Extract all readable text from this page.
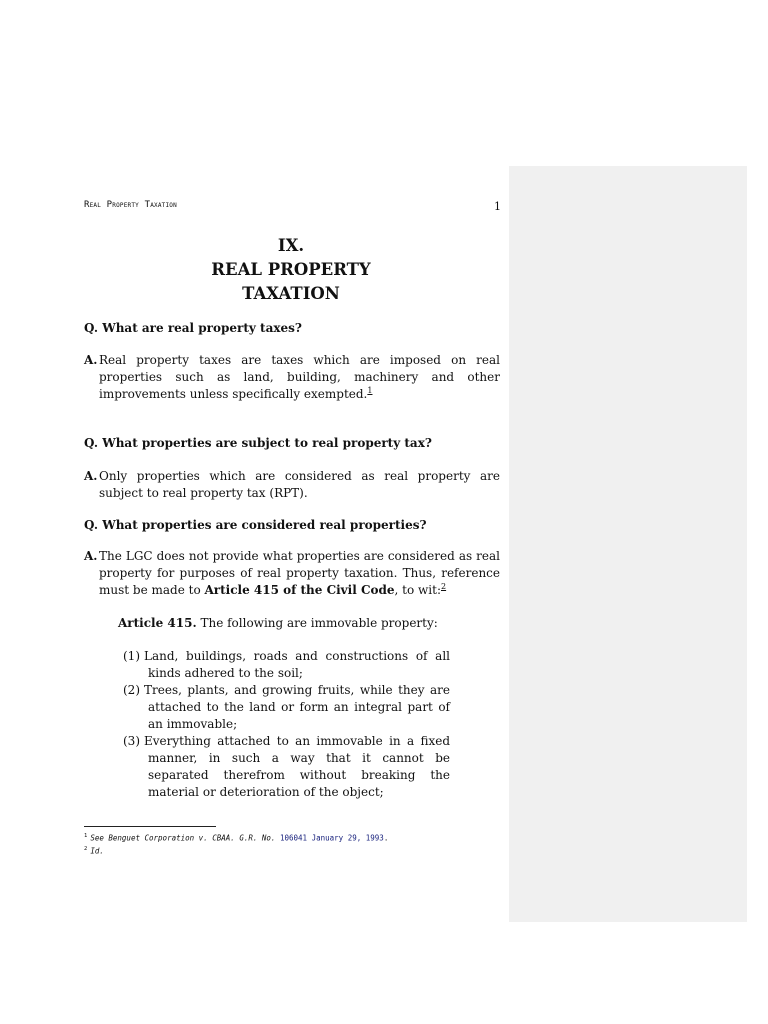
Real Property Taxation	1
IX.
REAL PROPERTY
TAXATION
Q. What are real property taxes?
A. Real property taxes are taxes which are imposed on real properties such as land, building, machinery and other improvements unless specifically exempted.$^1$
Q. What properties are subject to real property tax?
A. Only properties which are considered as real property are subject to real property tax (RPT).
Q. What properties are considered real properties?
A. The LGC does not provide what properties are considered as real property for purposes of real property taxation. Thus, reference must be made to Article 415 of the Civil Code, to wit:$^2$
Article 415. The following are immovable property:
(1) Land, buildings, roads and constructions of all kinds adhered to the soil;
(2) Trees, plants, and growing fruits, while they are attached to the land or form an integral part of an immovable;
(3) Everything attached to an immovable in a fixed manner, in such a way that it cannot be separated therefrom without breaking the material or deterioration of the object;
$^1$ See Benguet Corporation v. CBAA. G.R. No. 106041 January 29, 1993.
$^2$ Id.
